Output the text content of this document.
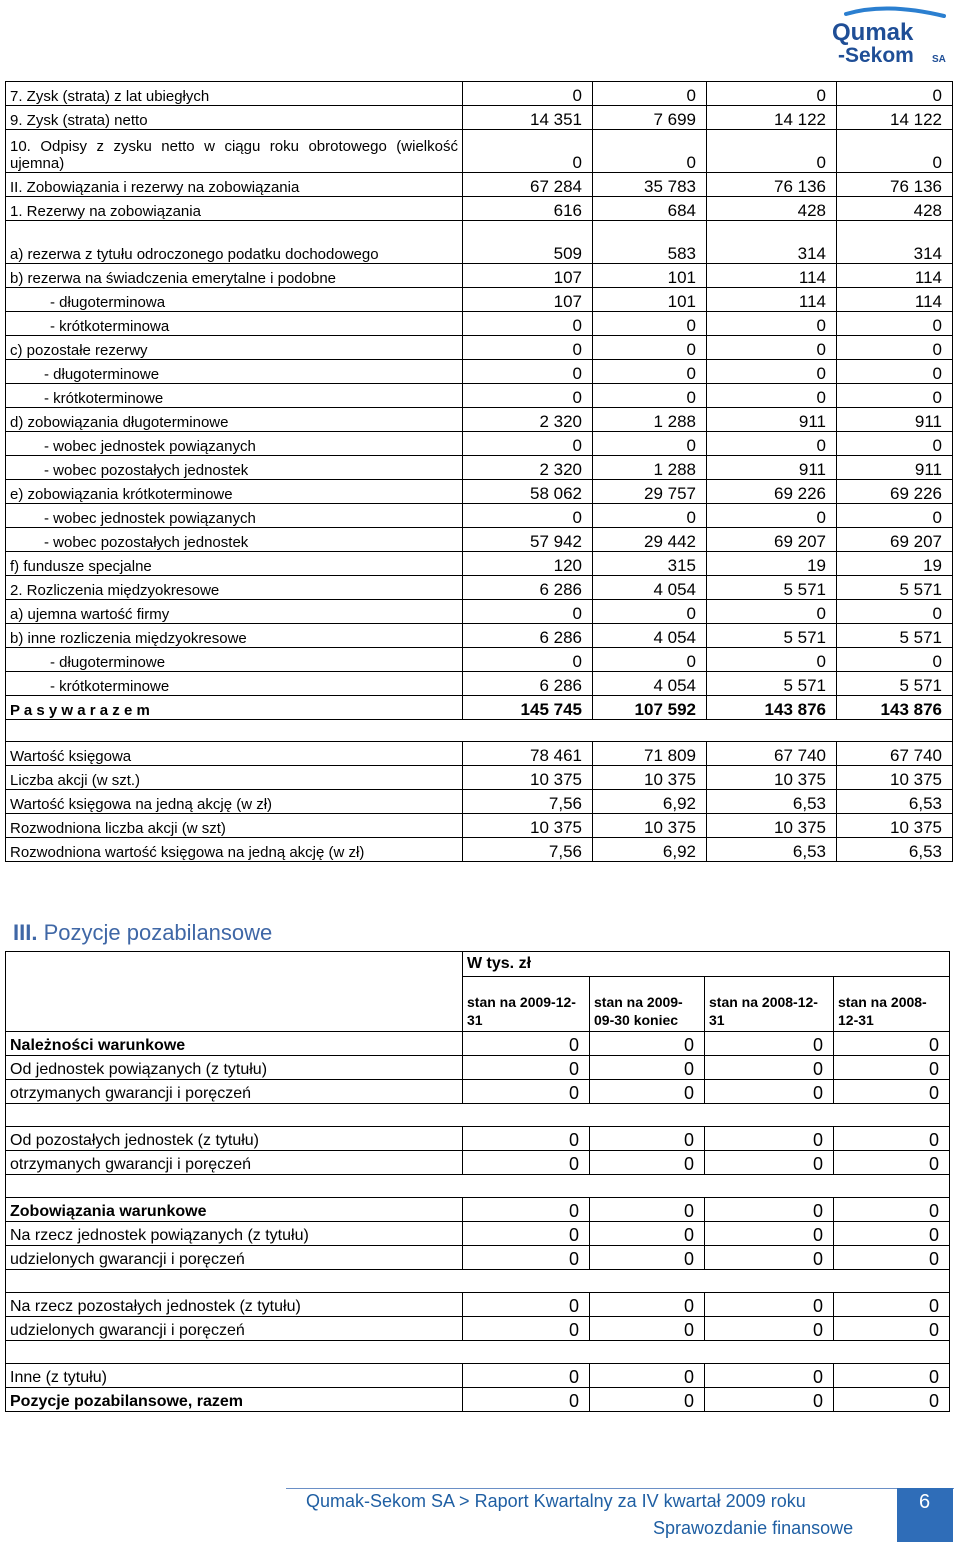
Qumak
-Sekom SA
7. Zysk (strata) z lat ubiegłych	0	0	0	0
9. Zysk (strata) netto	14 351	7 699	14 122	14 122
10. Odpisy z zysku netto w ciągu roku obrotowego (wielkość ujemna)	0	0	0	0
II. Zobowiązania i rezerwy na zobowiązania	67 284	35 783	76 136	76 136
1. Rezerwy na zobowiązania	616	684	428	428
a) rezerwa z tytułu odroczonego podatku dochodowego	509	583	314	314
b) rezerwa na świadczenia emerytalne i podobne	107	101	114	114
- długoterminowa	107	101	114	114
- krótkoterminowa	0	0	0	0
c) pozostałe rezerwy	0	0	0	0
- długoterminowe	0	0	0	0
- krótkoterminowe	0	0	0	0
d) zobowiązania długoterminowe	2 320	1 288	911	911
- wobec jednostek powiązanych	0	0	0	0
- wobec pozostałych jednostek	2 320	1 288	911	911
e) zobowiązania krótkoterminowe	58 062	29 757	69 226	69 226
- wobec jednostek powiązanych	0	0	0	0
- wobec pozostałych jednostek	57 942	29 442	69 207	69 207
f) fundusze specjalne	120	315	19	19
2. Rozliczenia międzyokresowe	6 286	4 054	5 571	5 571
a) ujemna wartość firmy	0	0	0	0
b) inne rozliczenia międzyokresowe	6 286	4 054	5 571	5 571
- długoterminowe	0	0	0	0
- krótkoterminowe	6 286	4 054	5 571	5 571
P a s y w a r a z e m	145 745	107 592	143 876	143 876

Wartość księgowa	78 461	71 809	67 740	67 740
Liczba akcji (w szt.)	10 375	10 375	10 375	10 375
Wartość księgowa na jedną akcję (w zł)	7,56	6,92	6,53	6,53
Rozwodniona liczba akcji (w szt)	10 375	10 375	10 375	10 375
Rozwodniona wartość księgowa na jedną akcję (w zł)	7,56	6,92	6,53	6,53
III. Pozycje pozabilansowe
	W tys. zł			
	stan na 2009-12-31	stan na 2009-09-30 koniec	stan na 2008-12-31	stan na 2008-12-31
Należności warunkowe	0	0	0	0
Od jednostek powiązanych (z tytułu)	0	0	0	0
otrzymanych gwarancji i poręczeń	0	0	0	0

Od pozostałych jednostek (z tytułu)	0	0	0	0
otrzymanych gwarancji i poręczeń	0	0	0	0

Zobowiązania warunkowe	0	0	0	0
Na rzecz jednostek powiązanych (z tytułu)	0	0	0	0
udzielonych gwarancji i poręczeń	0	0	0	0

Na rzecz pozostałych jednostek (z tytułu)	0	0	0	0
udzielonych gwarancji i poręczeń	0	0	0	0

Inne (z tytułu)	0	0	0	0
Pozycje pozabilansowe, razem	0	0	0	0
Qumak-Sekom SA > Raport Kwartalny za IV kwartał 2009 roku
Sprawozdanie finansowe
6
